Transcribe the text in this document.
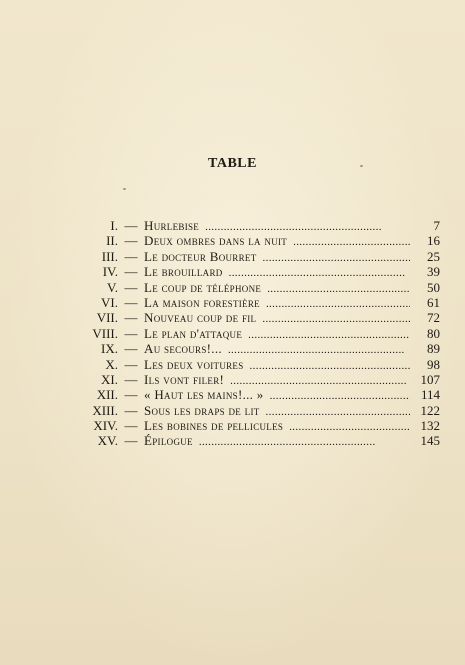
TABLE
I. — Hurlebise . . .	7
II. — Deux ombres dans la nuit . . .	16
III. — Le docteur Bourret . . .	25
IV. — Le brouillard . . .	39
V. — Le coup de téléphone . . .	50
VI. — La maison forestière . . .	61
VII. — Nouveau coup de fil . . .	72
VIII. — Le plan d'attaque . . .	80
IX. — Au secours!... . . .	89
X. — Les deux voitures . . .	98
XI. — Ils vont filer! . . .	107
XII. — « Haut les mains!... » . . .	114
XIII. — Sous les draps de lit . . .	122
XIV. — Les bobines de pellicules . . .	132
XV. — Épilogue . . .	145
